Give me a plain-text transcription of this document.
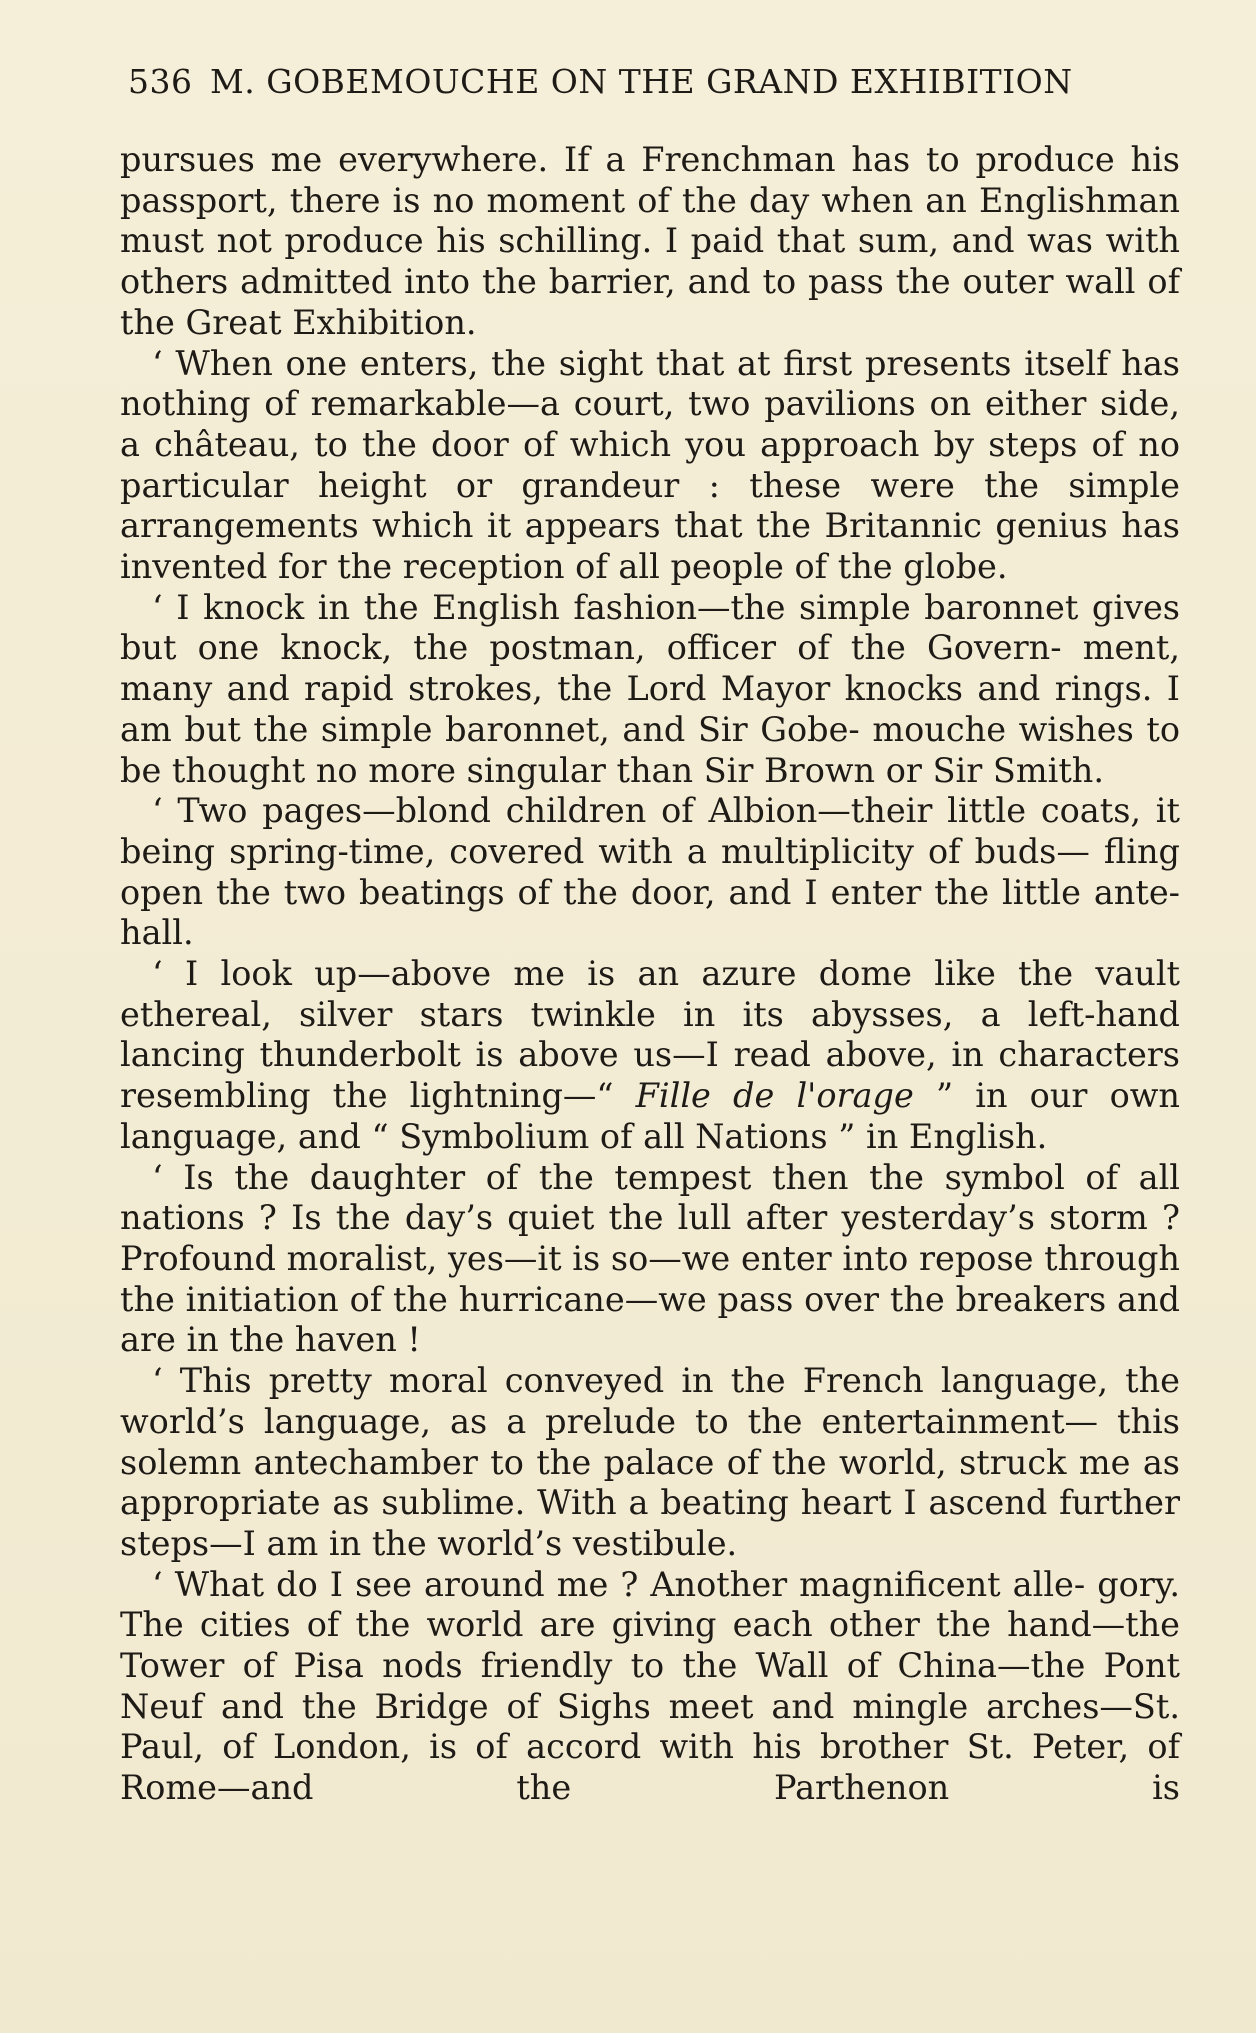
536 M. GOBEMOUCHE ON THE GRAND EXHIBITION

pursues me everywhere. If a Frenchman has to produce his passport, there is no moment of the day when an Englishman must not produce his schilling. I paid that sum, and was with others admitted into the barrier, and to pass the outer wall of the Great Exhibition.

‘ When one enters, the sight that at first presents itself has nothing of remarkable—a court, two pavilions on either side, a château, to the door of which you approach by steps of no particular height or grandeur : these were the simple arrangements which it appears that the Britannic genius has invented for the reception of all people of the globe.

‘ I knock in the English fashion—the simple baronnet gives but one knock, the postman, officer of the Govern- ment, many and rapid strokes, the Lord Mayor knocks and rings. I am but the simple baronnet, and Sir Gobe- mouche wishes to be thought no more singular than Sir Brown or Sir Smith.

‘ Two pages—blond children of Albion—their little coats, it being spring-time, covered with a multiplicity of buds— fling open the two beatings of the door, and I enter the little ante-hall.

‘ I look up—above me is an azure dome like the vault ethereal, silver stars twinkle in its abysses, a left-hand lancing thunderbolt is above us—I read above, in characters resembling the lightning—“ Fille de l'orage ” in our own language, and “ Symbolium of all Nations ” in English.

‘ Is the daughter of the tempest then the symbol of all nations ? Is the day’s quiet the lull after yesterday’s storm ? Profound moralist, yes—it is so—we enter into repose through the initiation of the hurricane—we pass over the breakers and are in the haven !

‘ This pretty moral conveyed in the French language, the world’s language, as a prelude to the entertainment— this solemn antechamber to the palace of the world, struck me as appropriate as sublime. With a beating heart I ascend further steps—I am in the world’s vestibule.

‘ What do I see around me ? Another magnificent alle- gory. The cities of the world are giving each other the hand—the Tower of Pisa nods friendly to the Wall of China—the Pont Neuf and the Bridge of Sighs meet and mingle arches—St. Paul, of London, is of accord with his brother St. Peter, of Rome—and the Parthenon is
